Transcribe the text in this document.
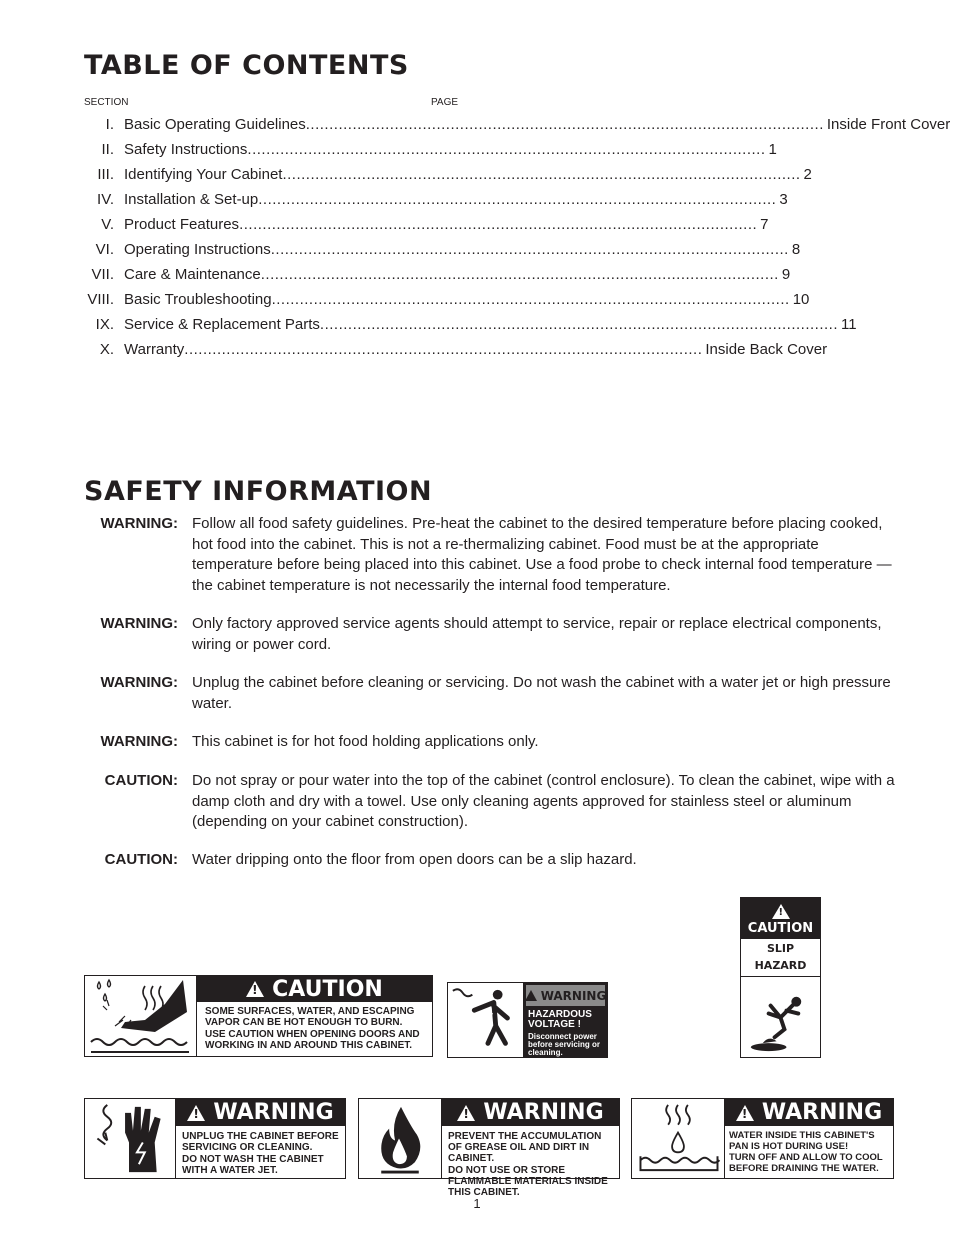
TABLE OF CONTENTS
SECTION	PAGE
I. Basic Operating Guidelines .....	Inside Front Cover
II. Safety Instructions .....	1
III. Identifying Your Cabinet .....	2
IV. Installation & Set-up .....	3
V. Product Features .....	7
VI. Operating Instructions .....	8
VII. Care & Maintenance .....	9
VIII. Basic Troubleshooting .....	10
IX. Service & Replacement Parts .....	11
X. Warranty .....	Inside Back Cover
SAFETY INFORMATION
WARNING: Follow all food safety guidelines. Pre-heat the cabinet to the desired temperature before placing cooked, hot food into the cabinet. This is not a re-thermalizing cabinet. Food must be at the appropriate temperature before being placed into this cabinet. Use a food probe to check internal food temperature — the cabinet temperature is not necessarily the internal food temperature.
WARNING: Only factory approved service agents should attempt to service, repair or replace electrical components, wiring or power cord.
WARNING: Unplug the cabinet before cleaning or servicing. Do not wash the cabinet with a water jet or high pressure water.
WARNING: This cabinet is for hot food holding applications only.
CAUTION: Do not spray or pour water into the top of the cabinet (control enclosure). To clean the cabinet, wipe with a damp cloth and dry with a towel. Use only cleaning agents approved for stainless steel or aluminum (depending on your cabinet construction).
CAUTION: Water dripping onto the floor from open doors can be a slip hazard.
!
CAUTION
SLIP
HAZARD
!
CAUTION

SOME SURFACES, WATER, AND ESCAPING VAPOR CAN BE HOT ENOUGH TO BURN.

USE CAUTION WHEN OPENING DOORS AND WORKING IN AND AROUND THIS CABINET.

WARNING
HAZARDOUS VOLTAGE !
Disconnect power before servicing or cleaning.
!
WARNING

UNPLUG THE CABINET BEFORE SERVICING OR CLEANING.

DO NOT WASH THE CABINET WITH A WATER JET.

!
WARNING

PREVENT THE ACCUMULATION OF GREASE OIL AND DIRT IN CABINET.

DO NOT USE OR STORE FLAMMABLE MATERIALS INSIDE THIS CABINET.

!
WARNING

WATER INSIDE THIS CABINET'S PAN IS HOT DURING USE!

TURN OFF AND ALLOW TO COOL BEFORE DRAINING THE WATER.

1
